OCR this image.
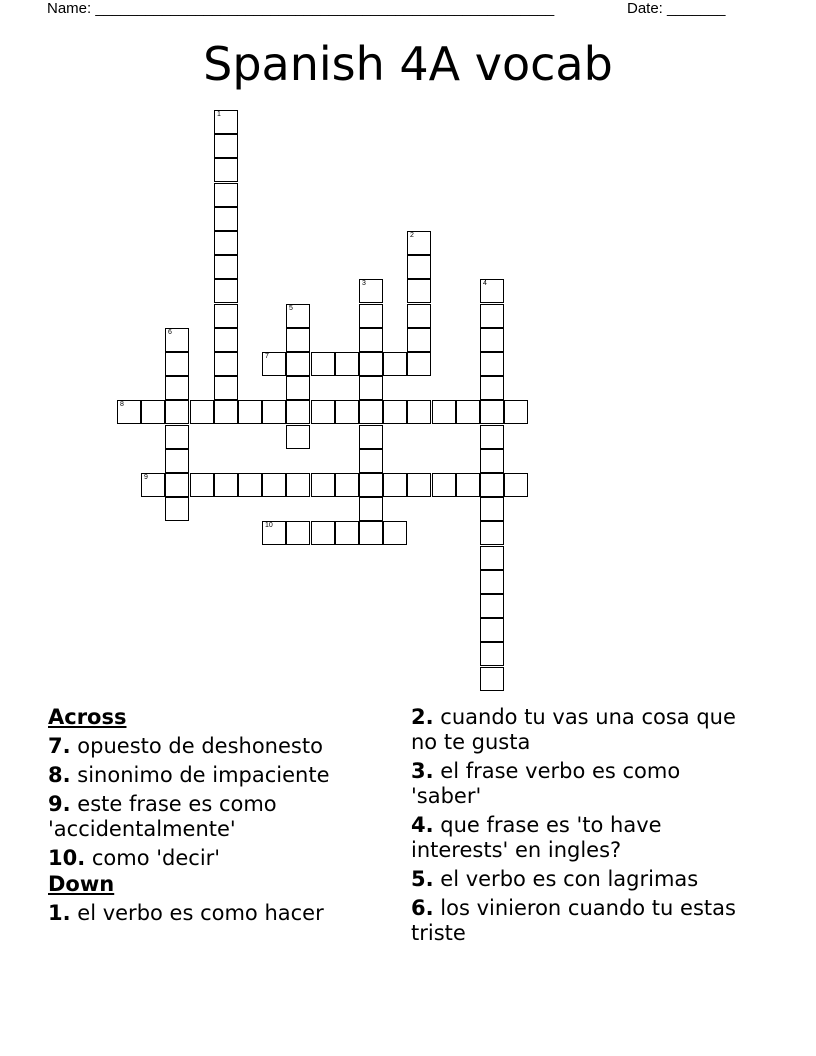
Name: _______________________________________________________	Date: _______
Spanish 4A vocab
1
2
3	4
5
6
7
8
9
10
Across
7. opuesto de deshonesto
8. sinonimo de impaciente
9. este frase es como 'accidentalmente'
10. como 'decir'
Down
1. el verbo es como hacer
2. cuando tu vas una cosa que no te gusta
3. el frase verbo es como 'saber'
4. que frase es 'to have interests' en ingles?
5. el verbo es con lagrimas
6. los vinieron cuando tu estas triste
